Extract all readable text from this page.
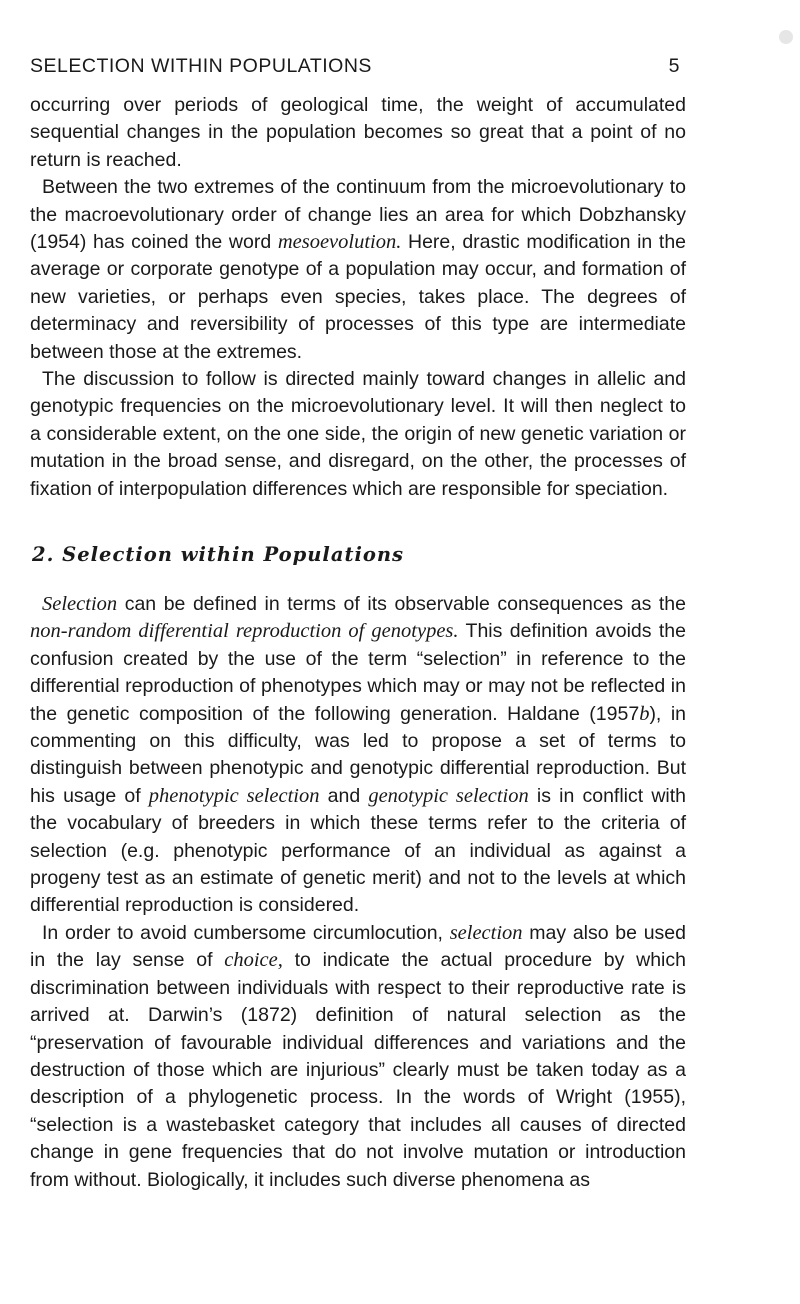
SELECTION WITHIN POPULATIONS	5

occurring over periods of geological time, the weight of accumulated sequential changes in the population becomes so great that a point of no return is reached.

Between the two extremes of the continuum from the microevolutionary to the macroevolutionary order of change lies an area for which Dobzhansky (1954) has coined the word mesoevolution. Here, drastic modification in the average or corporate genotype of a population may occur, and formation of new varieties, or perhaps even species, takes place. The degrees of determinacy and reversibility of processes of this type are intermediate between those at the extremes.

The discussion to follow is directed mainly toward changes in allelic and genotypic frequencies on the microevolutionary level. It will then neglect to a considerable extent, on the one side, the origin of new genetic variation or mutation in the broad sense, and disregard, on the other, the processes of fixation of interpopulation differences which are responsible for speciation.

2. Selection within Populations

Selection can be defined in terms of its observable consequences as the non-random differential reproduction of genotypes. This definition avoids the confusion created by the use of the term “selection” in reference to the differential reproduction of phenotypes which may or may not be reflected in the genetic composition of the following generation. Haldane (1957b), in commenting on this difficulty, was led to propose a set of terms to distinguish between phenotypic and genotypic differential reproduction. But his usage of phenotypic selection and genotypic selection is in conflict with the vocabulary of breeders in which these terms refer to the criteria of selection (e.g. phenotypic performance of an individual as against a progeny test as an estimate of genetic merit) and not to the levels at which differential reproduction is considered.

In order to avoid cumbersome circumlocution, selection may also be used in the lay sense of choice, to indicate the actual procedure by which discrimination between individuals with respect to their reproductive rate is arrived at. Darwin’s (1872) definition of natural selection as the “preservation of favourable individual differences and variations and the destruction of those which are injurious” clearly must be taken today as a description of a phylogenetic process. In the words of Wright (1955), “selection is a wastebasket category that includes all causes of directed change in gene frequencies that do not involve mutation or introduction from without. Biologically, it includes such diverse phenomena as
